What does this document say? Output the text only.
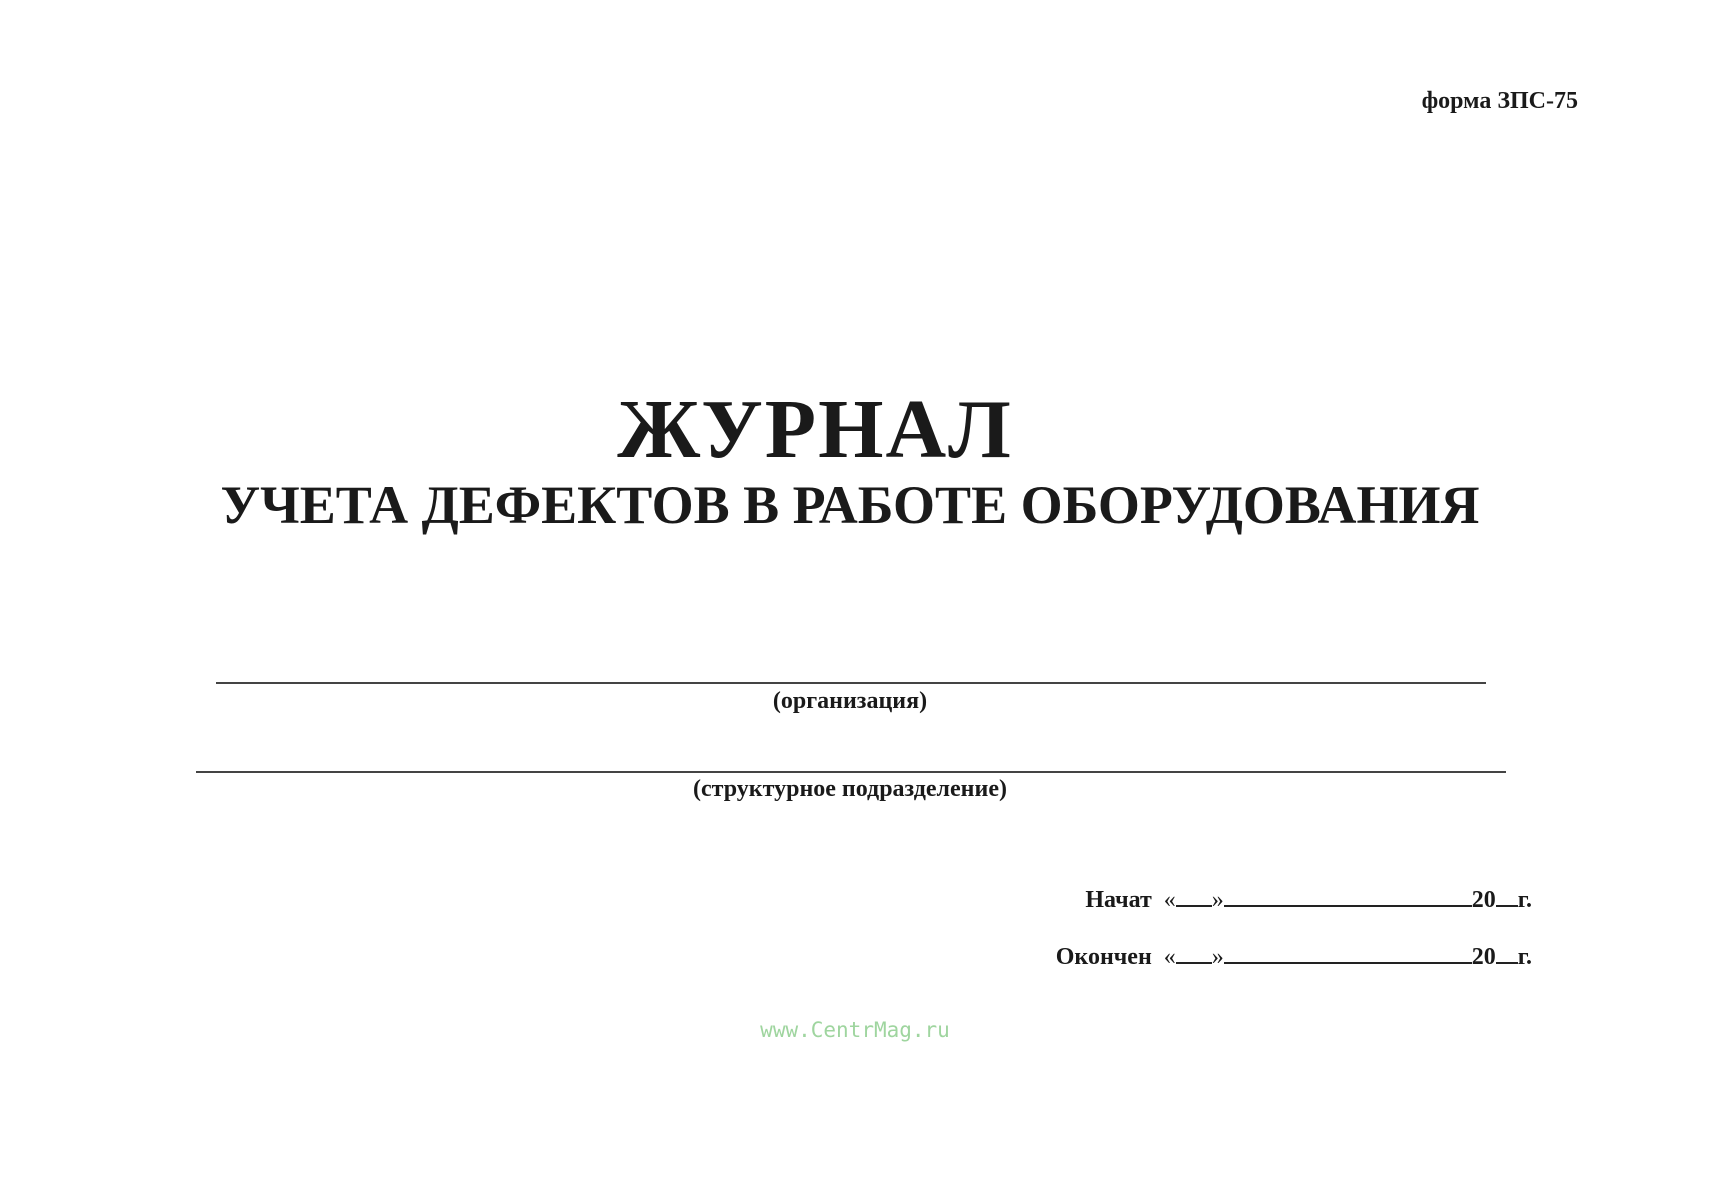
форма ЗПС-75
ЖУРНАЛ
УЧЕТА ДЕФЕКТОВ В РАБОТЕ ОБОРУДОВАНИЯ
(организация)
(структурное подразделение)
Начат « »	20 г.
Окончен « »	20 г.
www.CentrMag.ru
